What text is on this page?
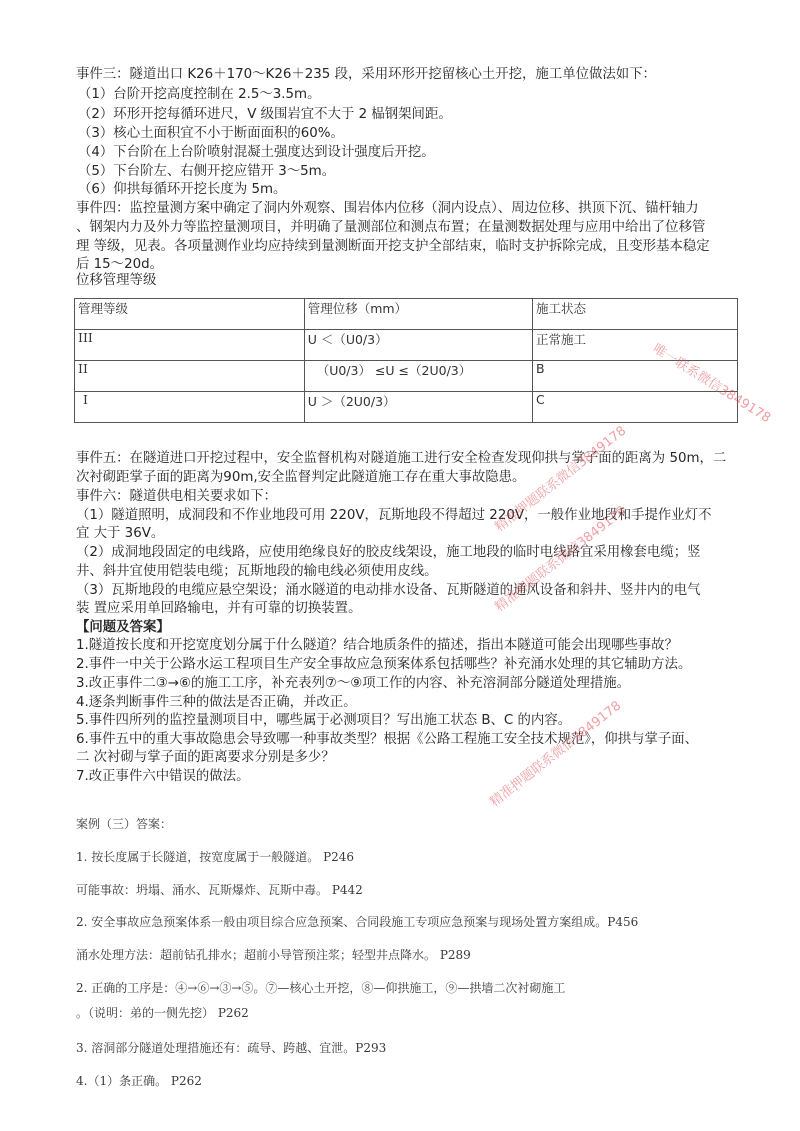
事件三：隧道出口 K26＋170～K26＋235 段，采用环形开挖留核心土开挖，施工单位做法如下：
（1）台阶开挖高度控制在 2.5～3.5m。
（2）环形开挖每循环进尺，V 级围岩宜不大于 2 榀钢架间距。
（3）核心土面积宜不小于断面面积的60%。
（4）下台阶在上台阶喷射混凝土强度达到设计强度后开挖。
（5）下台阶左、右侧开挖应错开 3～5m。
（6）仰拱每循环开挖长度为 5m。
事件四：监控量测方案中确定了洞内外观察、围岩体内位移（洞内设点）、周边位移、拱顶下沉、锚杆轴力
、钢架内力及外力等监控量测项目，并明确了量测部位和测点布置；在量测数据处理与应用中给出了位移管
理 等级，见表。各项量测作业均应持续到量测断面开挖支护全部结束，临时支护拆除完成，且变形基本稳定
后 15～20d。
位移管理等级
管理等级	管理位移（mm）	施工状态
III	U ＜（U0/3）	正常施工
II	（U0/3） ≤U ≤（2U0/3）	B
I	U ＞（2U0/3）	C
事件五：在隧道进口开挖过程中，安全监督机构对隧道施工进行安全检查发现仰拱与掌子面的距离为 50m，二
次衬砌距掌子面的距离为90m,安全监督判定此隧道施工存在重大事故隐患。
事件六：隧道供电相关要求如下：
（1）隧道照明，成洞段和不作业地段可用 220V，瓦斯地段不得超过 220V，一般作业地段和手提作业灯不
宜 大于 36V。
（2）成洞地段固定的电线路，应使用绝缘良好的胶皮线架设，施工地段的临时电线路宜采用橡套电缆；竖
井、斜井宜使用铠装电缆；瓦斯地段的输电线必须使用皮线。
（3）瓦斯地段的电缆应悬空架设；涌水隧道的电动排水设备、瓦斯隧道的通风设备和斜井、竖井内的电气
装 置应采用单回路输电，并有可靠的切换装置。
【问题及答案】
1.隧道按长度和开挖宽度划分属于什么隧道？结合地质条件的描述，指出本隧道可能会出现哪些事故？
2.事件一中关于公路水运工程项目生产安全事故应急预案体系包括哪些？补充涌水处理的其它辅助方法。
3.改正事件二③→⑥的施工工序，补充表列⑦～⑨项工作的内容、补充溶洞部分隧道处理措施。
4.逐条判断事件三种的做法是否正确，并改正。
5.事件四所列的监控量测项目中，哪些属于必测项目？写出施工状态 B、C 的内容。
6.事件五中的重大事故隐患会导致哪一种事故类型？根据《公路工程施工安全技术规范》，仰拱与掌子面、
二 次衬砌与掌子面的距离要求分别是多少？
7.改正事件六中错误的做法。
案例（三）答案：
1. 按长度属于长隧道，按宽度属于一般隧道。 P246
可能事故：坍塌、涌水、瓦斯爆炸、瓦斯中毒。 P442
2. 安全事故应急预案体系一般由项目综合应急预案、合同段施工专项应急预案与现场处置方案组成。P456
涌水处理方法：超前钻孔排水；超前小导管预注浆；轻型井点降水。 P289
2. 正确的工序是：④→⑥→③→⑤。⑦—核心土开挖，⑧—仰拱施工，⑨—拱墙二次衬砌施工
。（说明：弟的一侧先挖） P262
3. 溶洞部分隧道处理措施还有：疏导、跨越、宜泄。P293
4.（1）条正确。 P262
唯一联系微信3849178
精准押题联系微信3849178
精准押题联系微信3849178
精准押题联系微信3849178
